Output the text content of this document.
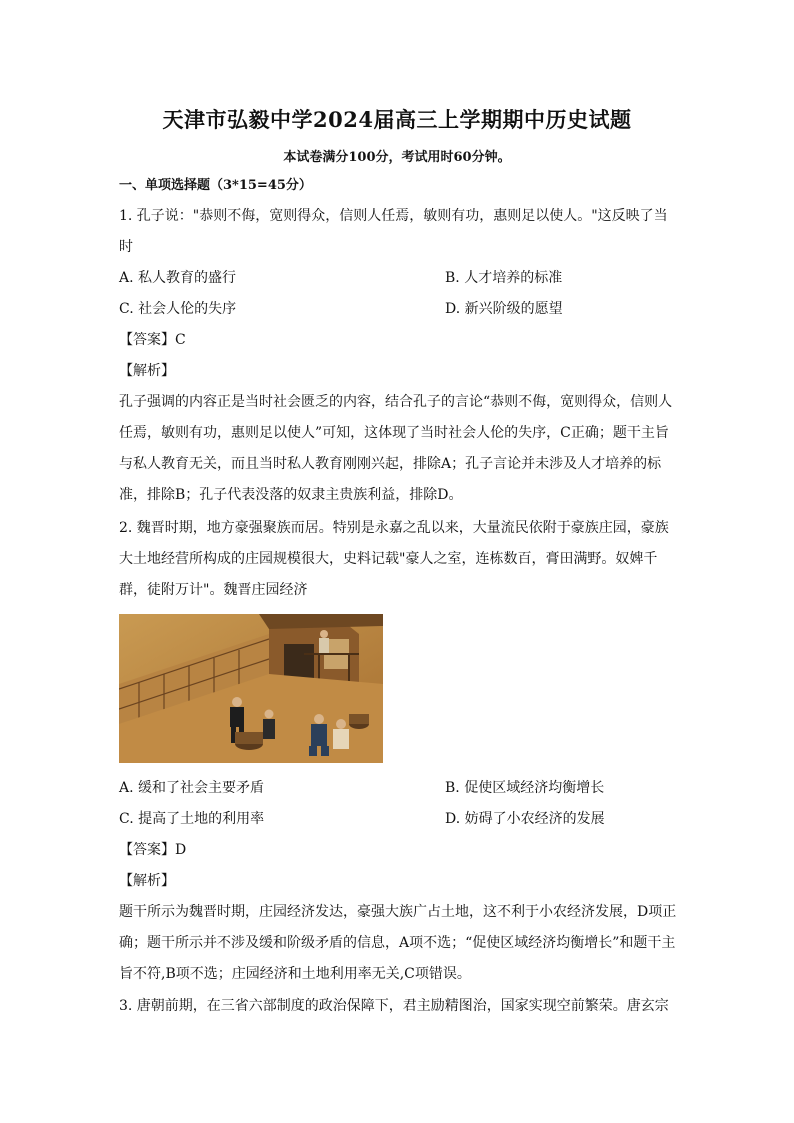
天津市弘毅中学2024届高三上学期期中历史试题
本试卷满分100分，考试用时60分钟。
一、单项选择题（3*15=45分）
1. 孔子说："恭则不侮，宽则得众，信则人任焉，敏则有功，惠则足以使人。"这反映了当
时
A. 私人教育的盛行	B. 人才培养的标准
C. 社会人伦的失序	D. 新兴阶级的愿望
【答案】C
【解析】
孔子强调的内容正是当时社会匮乏的内容，结合孔子的言论“恭则不侮，宽则得众，信则人
任焉，敏则有功，惠则足以使人”可知，这体现了当时社会人伦的失序，C正确；题干主旨
与私人教育无关，而且当时私人教育刚刚兴起，排除A；孔子言论并未涉及人才培养的标
准，排除B；孔子代表没落的奴隶主贵族利益，排除D。
2. 魏晋时期，地方豪强聚族而居。特别是永嘉之乱以来，大量流民依附于豪族庄园，豪族
大土地经营所构成的庄园规模很大，史料记载"豪人之室，连栋数百，膏田满野。奴婢千
群，徒附万计"。魏晋庄园经济
A. 缓和了社会主要矛盾	B. 促使区域经济均衡增长
C. 提高了土地的利用率	D. 妨碍了小农经济的发展
【答案】D
【解析】
题干所示为魏晋时期，庄园经济发达，豪强大族广占土地，这不利于小农经济发展，D项正
确；题干所示并不涉及缓和阶级矛盾的信息，A项不选；“促使区域经济均衡增长”和题干主
旨不符,B项不选；庄园经济和土地利用率无关,C项错误。
3. 唐朝前期，在三省六部制度的政治保障下，君主励精图治，国家实现空前繁荣。唐玄宗
